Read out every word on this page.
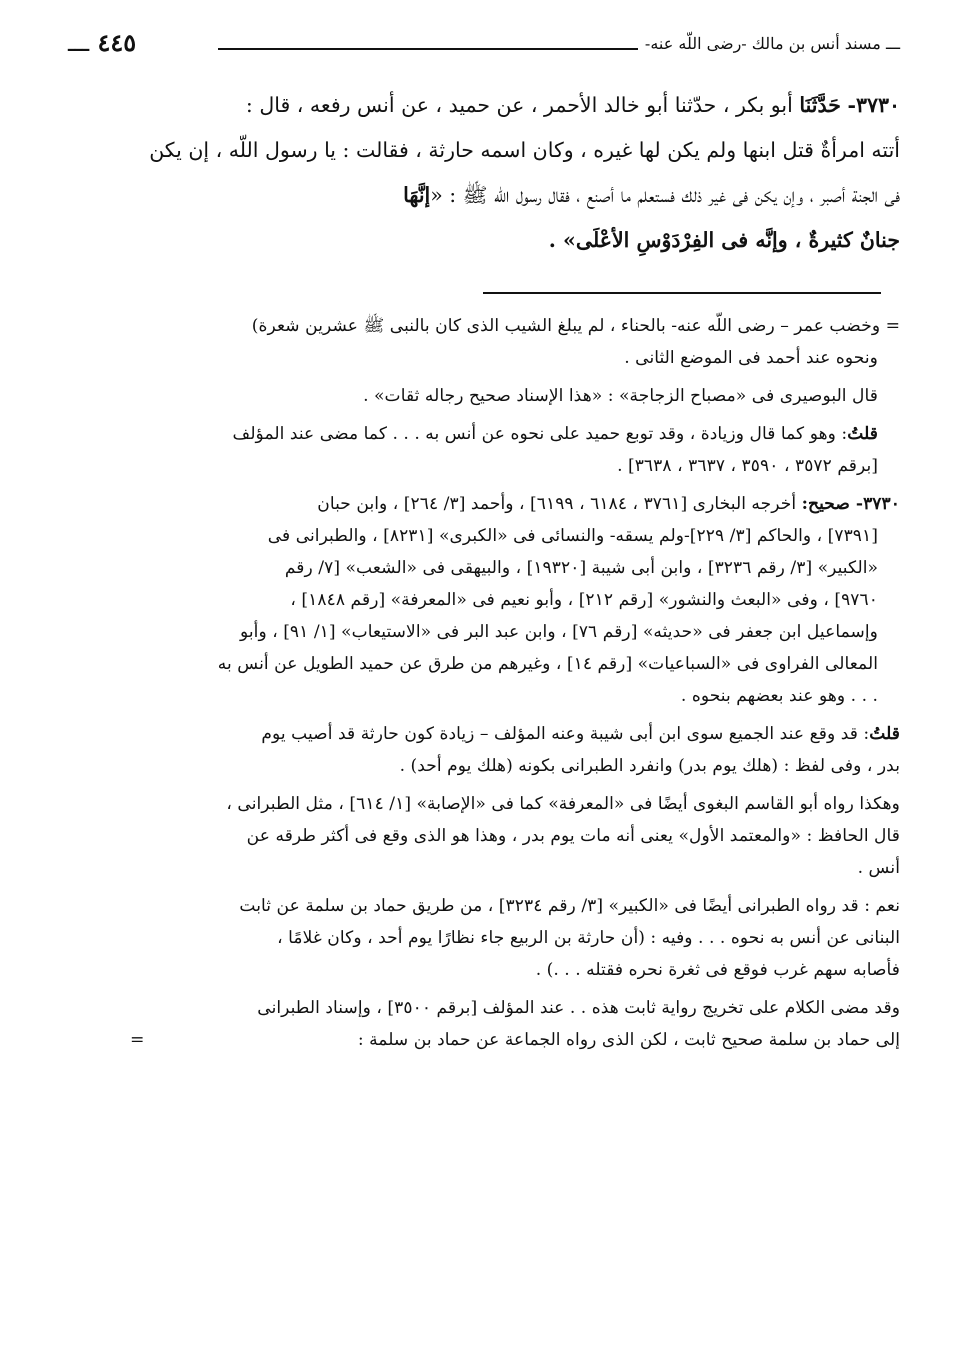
ـــ مسند أنس بن مالك -رضى اللّه عنه-
٤٤٥ ـــ
٣٧٣٠- حَدَّثَنَا أبو بكر ، حدّثنا أبو خالد الأحمر ، عن حميد ، عن أنس رفعه ، قال :
أتته امرأةٌ قتل ابنها ولم يكن لها غيره ، وكان اسمه حارثة ، فقالت : يا رسول اللّه ، إن يكن
فى الجنة أصبر ، وإن يكن فى غير ذلك فستعلم ما أصنع ، فقال رسول اللّه ﷺ : «إنَّهَا
جنانٌ كثيرةٌ ، وإنَّه فى الفِرْدَوْسِ الأعْلَى» .
= وخضب عمر – رضى اللّه عنه- بالحناء ، لم يبلغ الشيب الذى كان بالنبى ﷺ عشرين شعرة)
ونحوه عند أحمد فى الموضع الثانى .
قال البوصيرى فى «مصباح الزجاجة» : «هذا الإسناد صحيح رجاله ثقات» .
قلتُ: وهو كما قال وزيادة ، وقد توبع حميد على نحوه عن أنس به . . . كما مضى عند المؤلف
[برقم ٣٥٧٢ ، ٣٥٩٠ ، ٣٦٣٧ ، ٣٦٣٨] .
٣٧٣٠- صحيح: أخرجه البخارى [٣٧٦١ ، ٦١٨٤ ، ٦١٩٩] ، وأحمد [٣/ ٢٦٤] ، وابن حبان
[٧٣٩١] ، والحاكم [٣/ ٢٢٩]-ولم يسقه- والنسائى فى «الكبرى» [٨٢٣١] ، والطبرانى فى
«الكبير» [٣/ رقم ٣٢٣٦] ، وابن أبى شيبة [١٩٣٢٠] ، والبيهقى فى «الشعب» [٧/ رقم
٩٧٦٠] ، وفى «البعث والنشور» [رقم ٢١٢] ، وأبو نعيم فى «المعرفة» [رقم ١٨٤٨] ،
وإسماعيل ابن جعفر فى «حديثه» [رقم ٧٦] ، وابن عبد البر فى «الاستيعاب» [١/ ٩١] ، وأبو
المعالى الفراوى فى «السباعيات» [رقم ١٤] ، وغيرهم من طرق عن حميد الطويل عن أنس به
. . . وهو عند بعضهم بنحوه .
قلتُ: قد وقع عند الجميع سوى ابن أبى شيبة وعنه المؤلف – زيادة كون حارثة قد أصيب يوم
بدر ، وفى لفظ : (هلك يوم بدر) وانفرد الطبرانى بكونه (هلك يوم أحد) .
وهكذا رواه أبو القاسم البغوى أيضًا فى «المعرفة» كما فى «الإصابة» [١/ ٦١٤] ، مثل الطبرانى ،
قال الحافظ : «والمعتمد الأول» يعنى أنه مات يوم بدر ، وهذا هو الذى وقع فى أكثر طرقه عن
أنس .
نعم : قد رواه الطبرانى أيضًا فى «الكبير» [٣/ رقم ٣٢٣٤] ، من طريق حماد بن سلمة عن ثابت
البنانى عن أنس به نحوه . . . وفيه : (أن حارثة بن الربيع جاء نظارًا يوم أحد ، وكان غلامًا ،
فأصابه سهم غرب فوقع فى ثغرة نحره فقتله . . .) .
وقد مضى الكلام على تخريج رواية ثابت هذه . . عند المؤلف [برقم ٣٥٠٠] ، وإسناد الطبرانى
إلى حماد بن سلمة صحيح ثابت ، لكن الذى رواه الجماعة عن حماد بن سلمة :
=
